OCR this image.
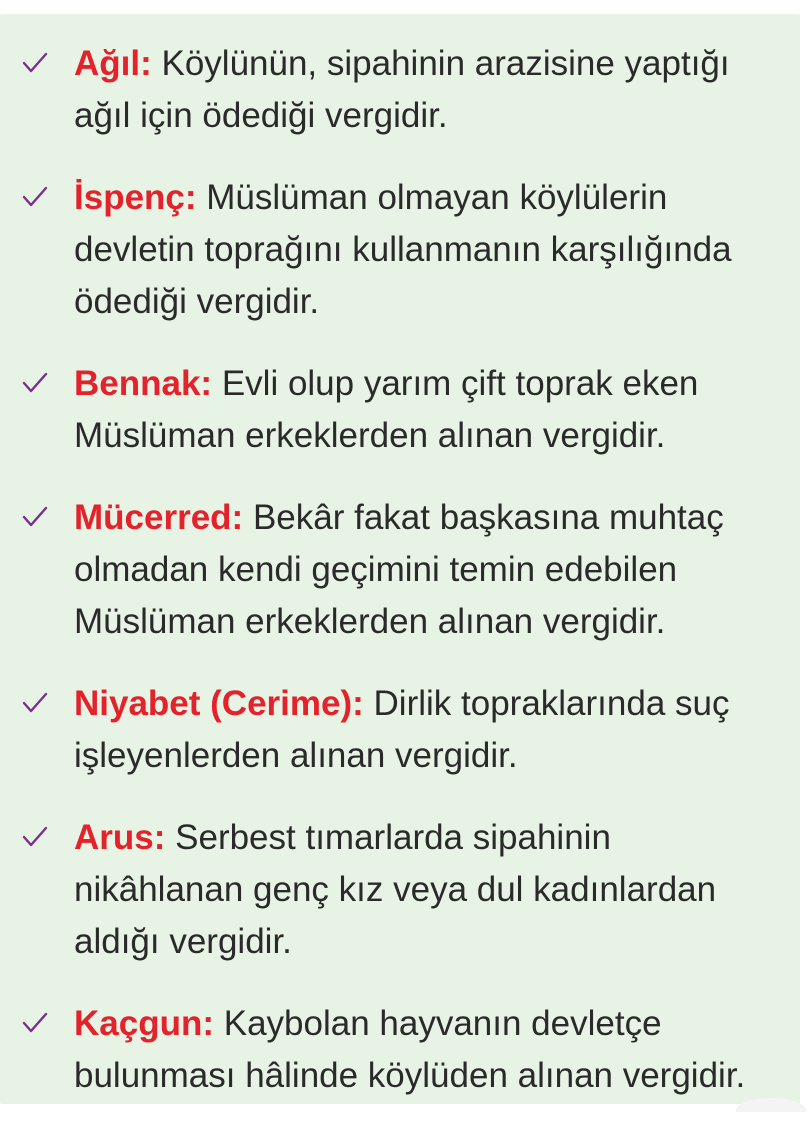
Ağıl: Köylünün, sipahinin arazisine yaptığı ağıl için ödediği vergidir.
İspenç: Müslüman olmayan köylülerin devletin toprağını kullanmanın karşılığında ödediği vergidir.
Bennak: Evli olup yarım çift toprak eken Müslüman erkeklerden alınan vergidir.
Mücerred: Bekâr fakat başkasına muhtaç olmadan kendi geçimini temin edebilen Müslüman erkeklerden alınan vergidir.
Niyabet (Cerime): Dirlik topraklarında suç işleyenlerden alınan vergidir.
Arus: Serbest tımarlarda sipahinin nikâhlanan genç kız veya dul kadınlardan aldığı vergidir.
Kaçgun: Kaybolan hayvanın devletçe bulunması hâlinde köylüden alınan vergidir.
